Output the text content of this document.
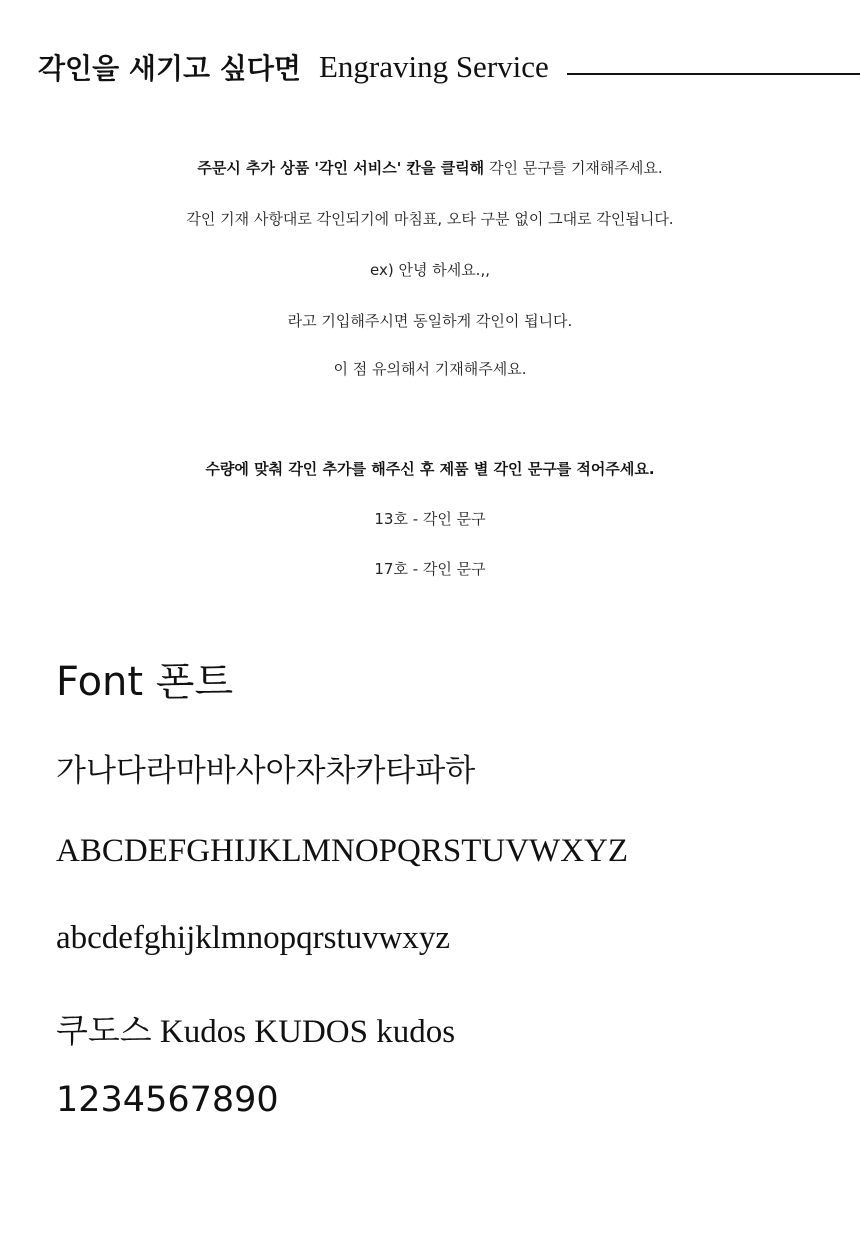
각인을 새기고 싶다면 Engraving Service
주문시 추가 상품 '각인 서비스' 칸을 클릭해 각인 문구를 기재해주세요.
각인 기재 사항대로 각인되기에 마침표, 오타 구분 없이 그대로 각인됩니다.
ex) 안녕 하세요.,,
라고 기입해주시면 동일하게 각인이 됩니다.
이 점 유의해서 기재해주세요.
수량에 맞춰 각인 추가를 해주신 후 제품 별 각인 문구를 적어주세요.
13호 - 각인 문구
17호 - 각인 문구
Font 폰트
가나다라마바사아자차카타파하
ABCDEFGHIJKLMNOPQRSTUVWXYZ
abcdefghijklmnopqrstuvwxyz
쿠도스 Kudos KUDOS kudos
1234567890
